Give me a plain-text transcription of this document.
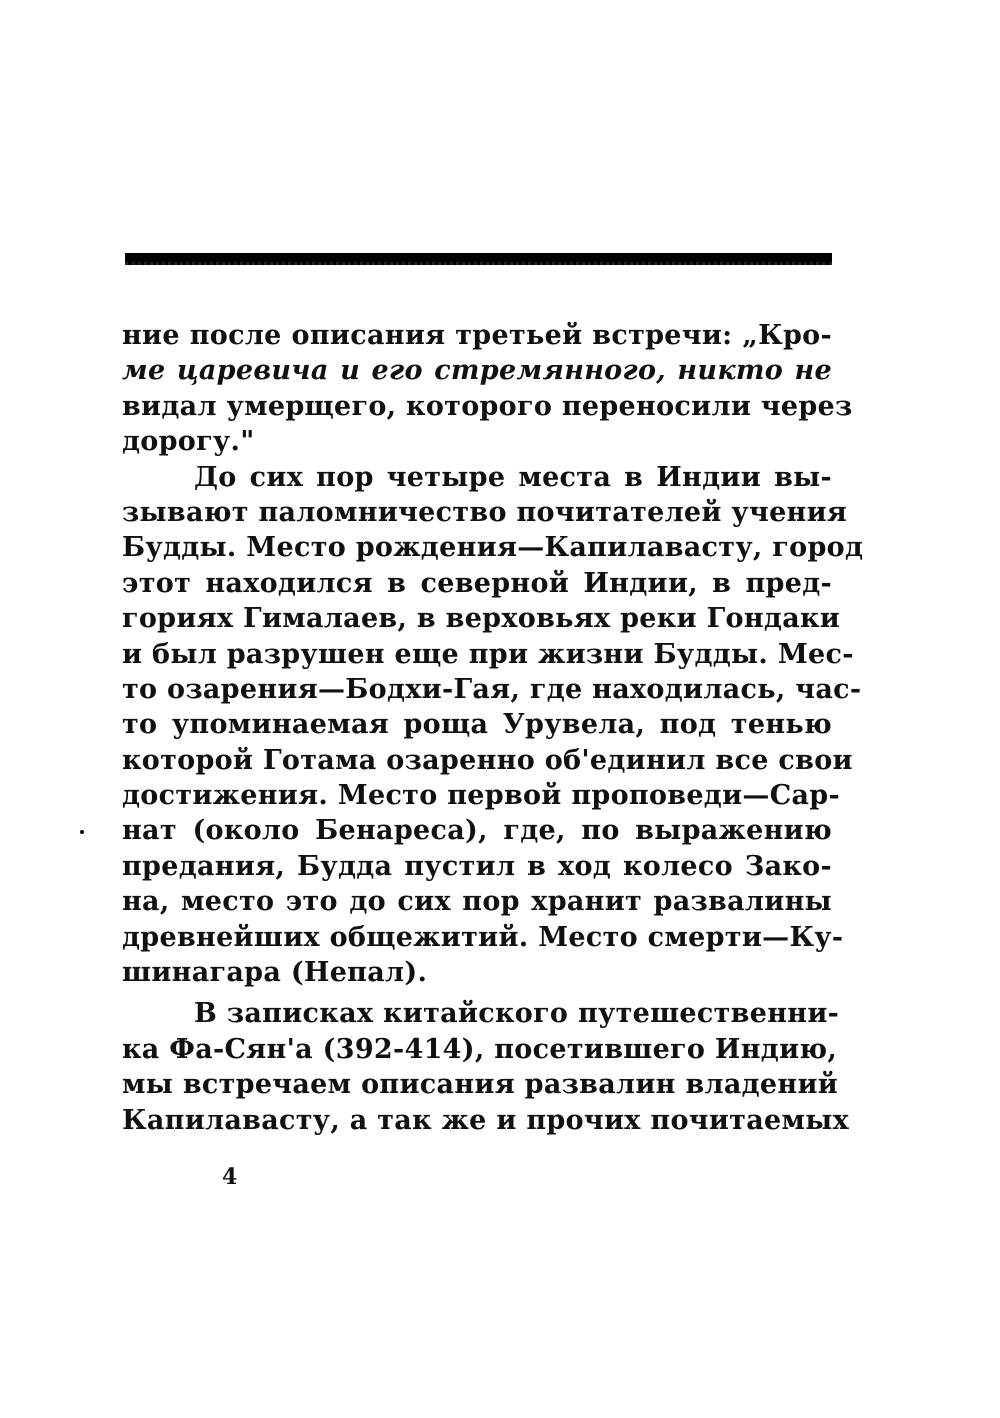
ние после описания третьей встречи: „Кро-
ме царевича и его стремянного, никто не
видал умерщего, которого переносили через
дорогу."
До сих пор четыре места в Индии вы-
зывают паломничество почитателей учения
Будды. Место рождения—Капилавасту, город
этот находился в северной Индии, в пред-
гориях Гималаев, в верховьях реки Гондаки
и был разрушен еще при жизни Будды. Мес-
то озарения—Бодхи-Гая, где находилась, час-
то упоминаемая роща Урувела, под тенью
которой Готама озаренно об'единил все свои
достижения. Место первой проповеди—Сар-
нат (около Бенареса), где, по выражению
предания, Будда пустил в ход колесо Зако-
на, место это до сих пор хранит развалины
древнейших общежитий. Место смерти—Ку-
шинагара (Непал).
В записках китайского путешественни-
ка Фа-Сян'а (392-414), посетившего Индию,
мы встречаем описания развалин владений
Капилавасту, а так же и прочих почитаемых
4
